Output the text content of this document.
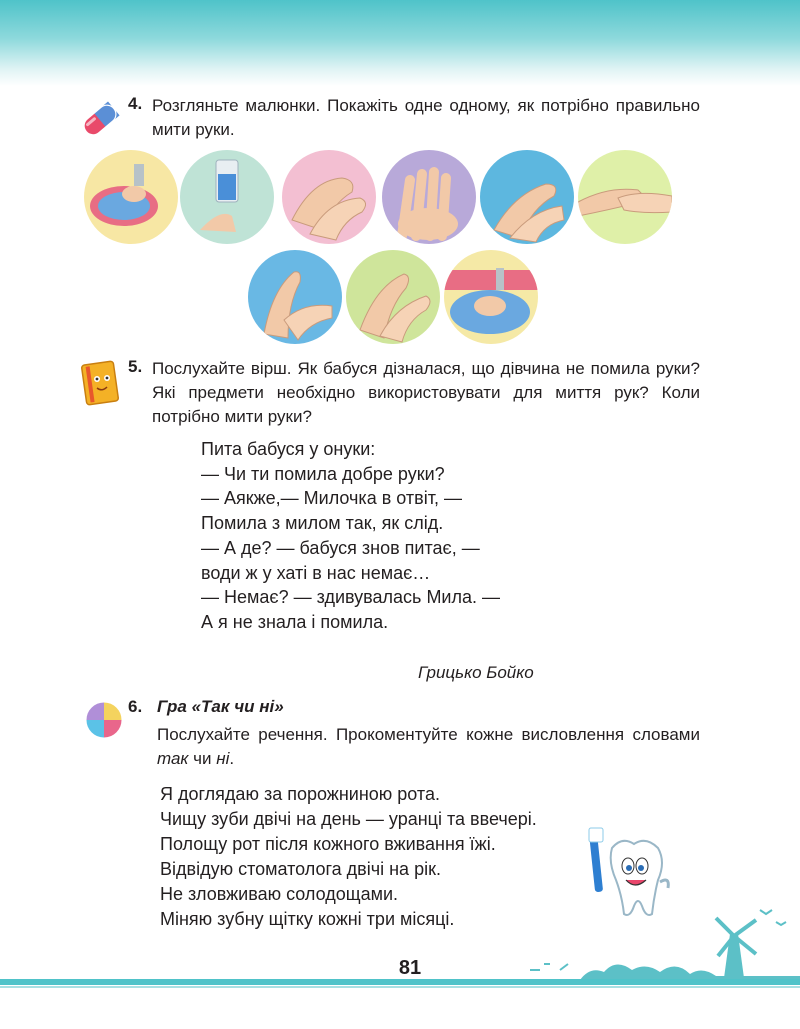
4. Розгляньте малюнки. Покажіть одне одному, як потрібно правильно мити руки.
5. Послухайте вірш. Як бабуся дізналася, що дівчина не помила руки? Які предмети необхідно використовувати для миття рук? Коли потрібно мити руки?
Пита бабуся у онуки:
— Чи ти помила добре руки?
— Аякже,— Милочка в отвіт, —
Помила з милом так, як слід.
— А де? — бабуся знов питає, —
води ж у хаті в нас немає…
— Немає? — здивувалась Мила. —
А я не знала і помила.
Грицько Бойко
6. Гра «Так чи ні»
Послухайте речення. Прокоментуйте кожне висловлення словами так чи ні.
Я доглядаю за порожниною рота.
Чищу зуби двічі на день — уранці та ввечері.
Полощу рот після кожного вживання їжі.
Відвідую стоматолога двічі на рік.
Не зловживаю солодощами.
Міняю зубну щітку кожні три місяці.
81
